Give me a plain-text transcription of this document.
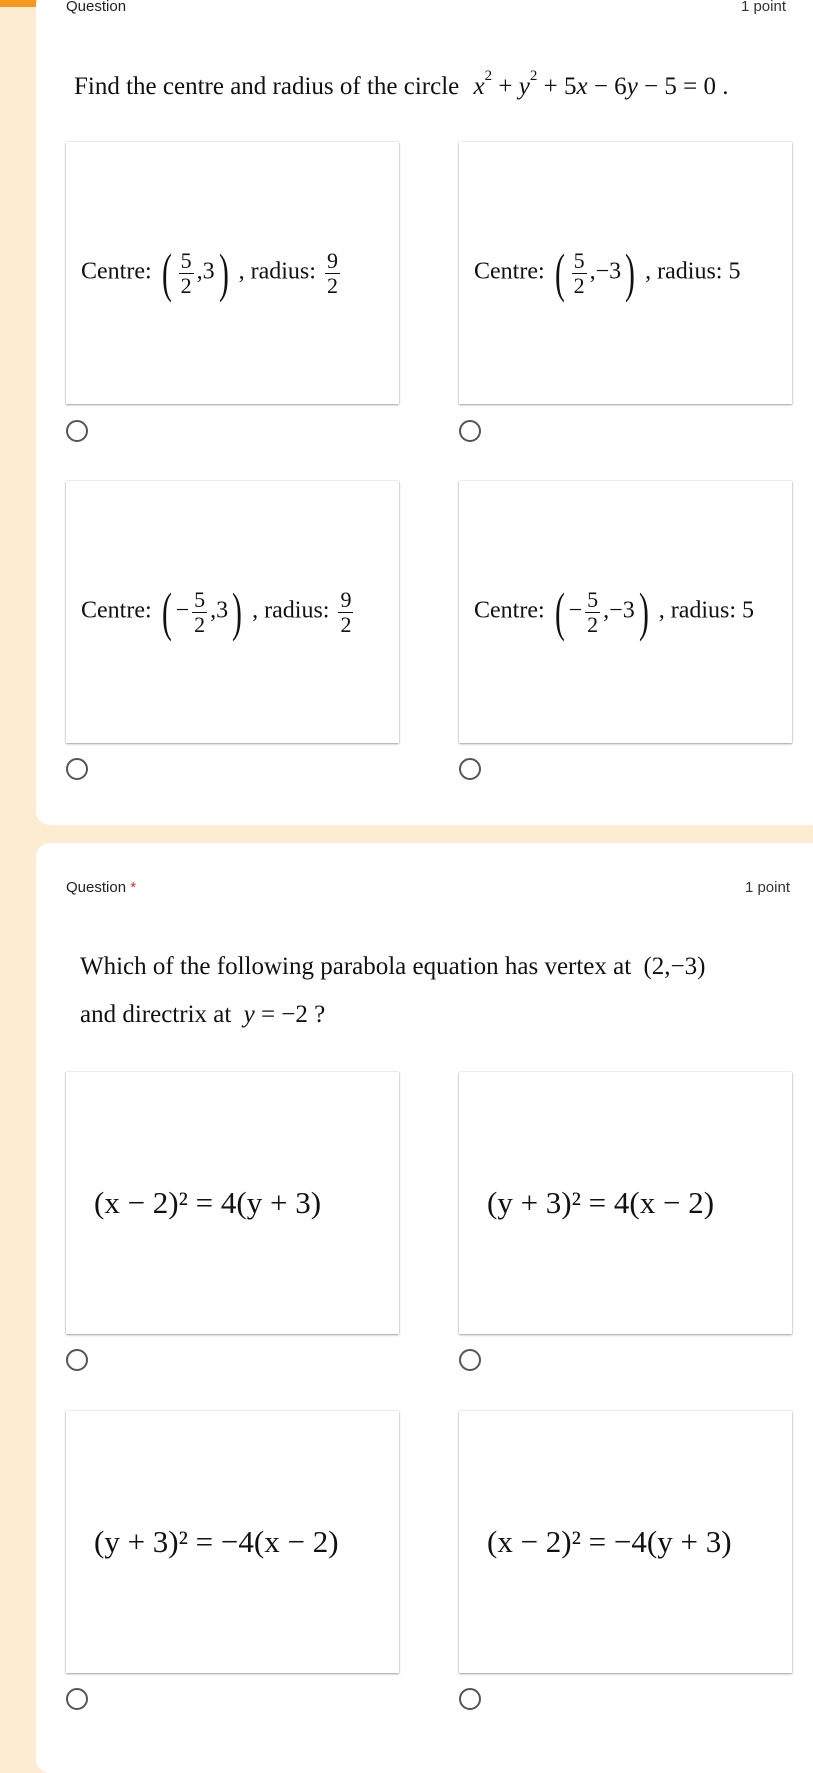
Question	1 point
Find the centre and radius of the circle $x^2 + y^2 + 5x - 6y - 5 = 0$ .
Centre: ( $\frac{5}{2} ,3$) , radius: $\frac{9}{2}$	Centre: ( $\frac{5}{2} ,-3$) , radius: 5
Centre: ( − $\frac{5}{2} ,3$) , radius: $\frac{9}{2}$	Centre: ( − $\frac{5}{2} ,-3$) , radius: 5
Question *	1 point
Which of the following parabola equation has vertex at (2,−3)
and directrix at y = −2 ?
(x − 2)² = 4(y + 3)	(y + 3)² = 4(x − 2)
(y + 3)² = −4(x − 2)	(x − 2)² = −4(y + 3)
